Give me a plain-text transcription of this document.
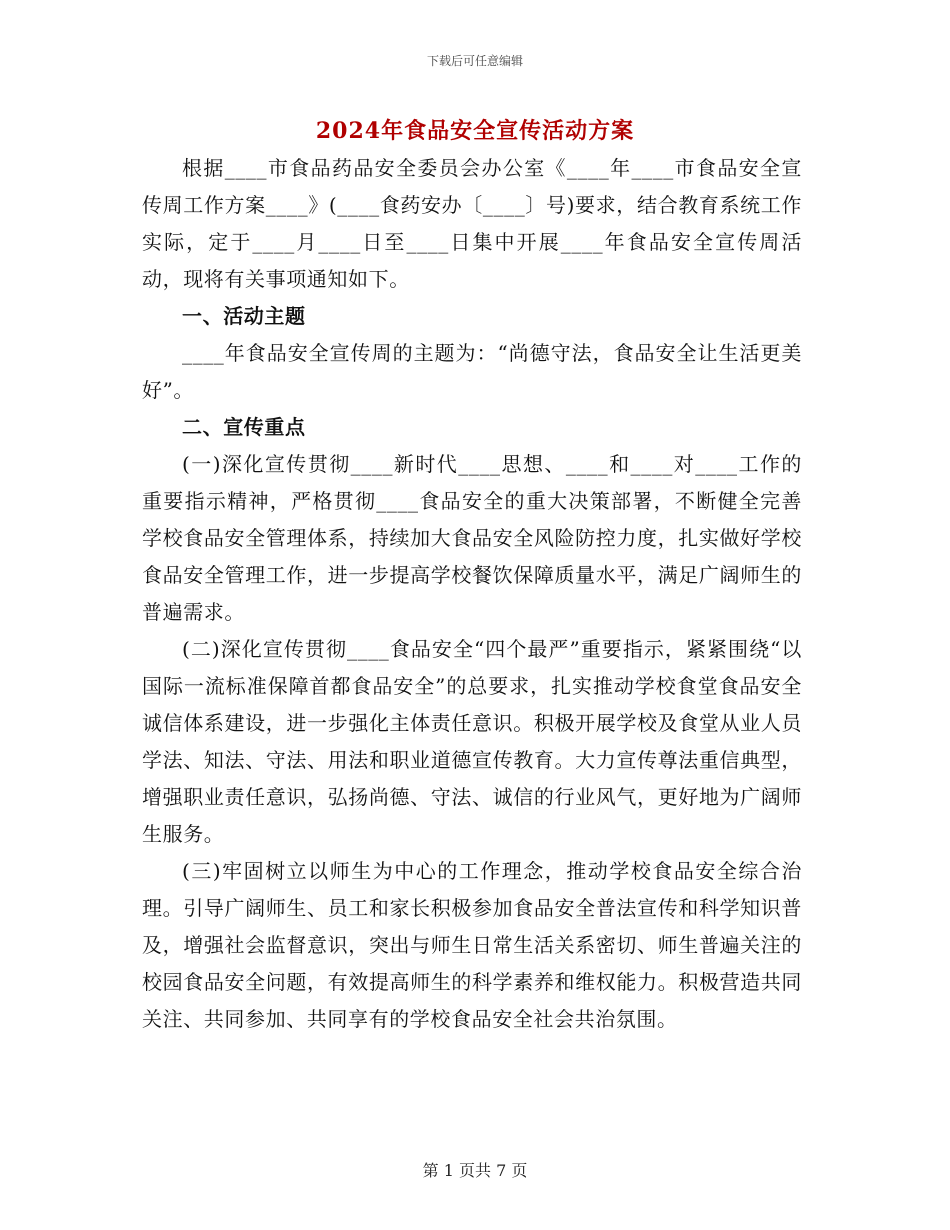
下载后可任意编辑
2024年食品安全宣传活动方案

根据____市食品药品安全委员会办公室《____年____市食品安全宣传周工作方案____》(____食药安办〔____〕号)要求，结合教育系统工作实际，定于____月____日至____日集中开展____年食品安全宣传周活动，现将有关事项通知如下。

一、活动主题

____年食品安全宣传周的主题为：“尚德守法，食品安全让生活更美好”。

二、宣传重点

(一)深化宣传贯彻____新时代____思想、____和____对____工作的重要指示精神，严格贯彻____食品安全的重大决策部署，不断健全完善学校食品安全管理体系，持续加大食品安全风险防控力度，扎实做好学校食品安全管理工作，进一步提高学校餐饮保障质量水平，满足广阔师生的普遍需求。

(二)深化宣传贯彻____食品安全“四个最严”重要指示，紧紧围绕“以国际一流标准保障首都食品安全”的总要求，扎实推动学校食堂食品安全诚信体系建设，进一步强化主体责任意识。积极开展学校及食堂从业人员学法、知法、守法、用法和职业道德宣传教育。大力宣传尊法重信典型，增强职业责任意识，弘扬尚德、守法、诚信的行业风气，更好地为广阔师生服务。

(三)牢固树立以师生为中心的工作理念，推动学校食品安全综合治理。引导广阔师生、员工和家长积极参加食品安全普法宣传和科学知识普及，增强社会监督意识，突出与师生日常生活关系密切、师生普遍关注的校园食品安全问题，有效提高师生的科学素养和维权能力。积极营造共同关注、共同参加、共同享有的学校食品安全社会共治氛围。

第 1 页共 7 页
